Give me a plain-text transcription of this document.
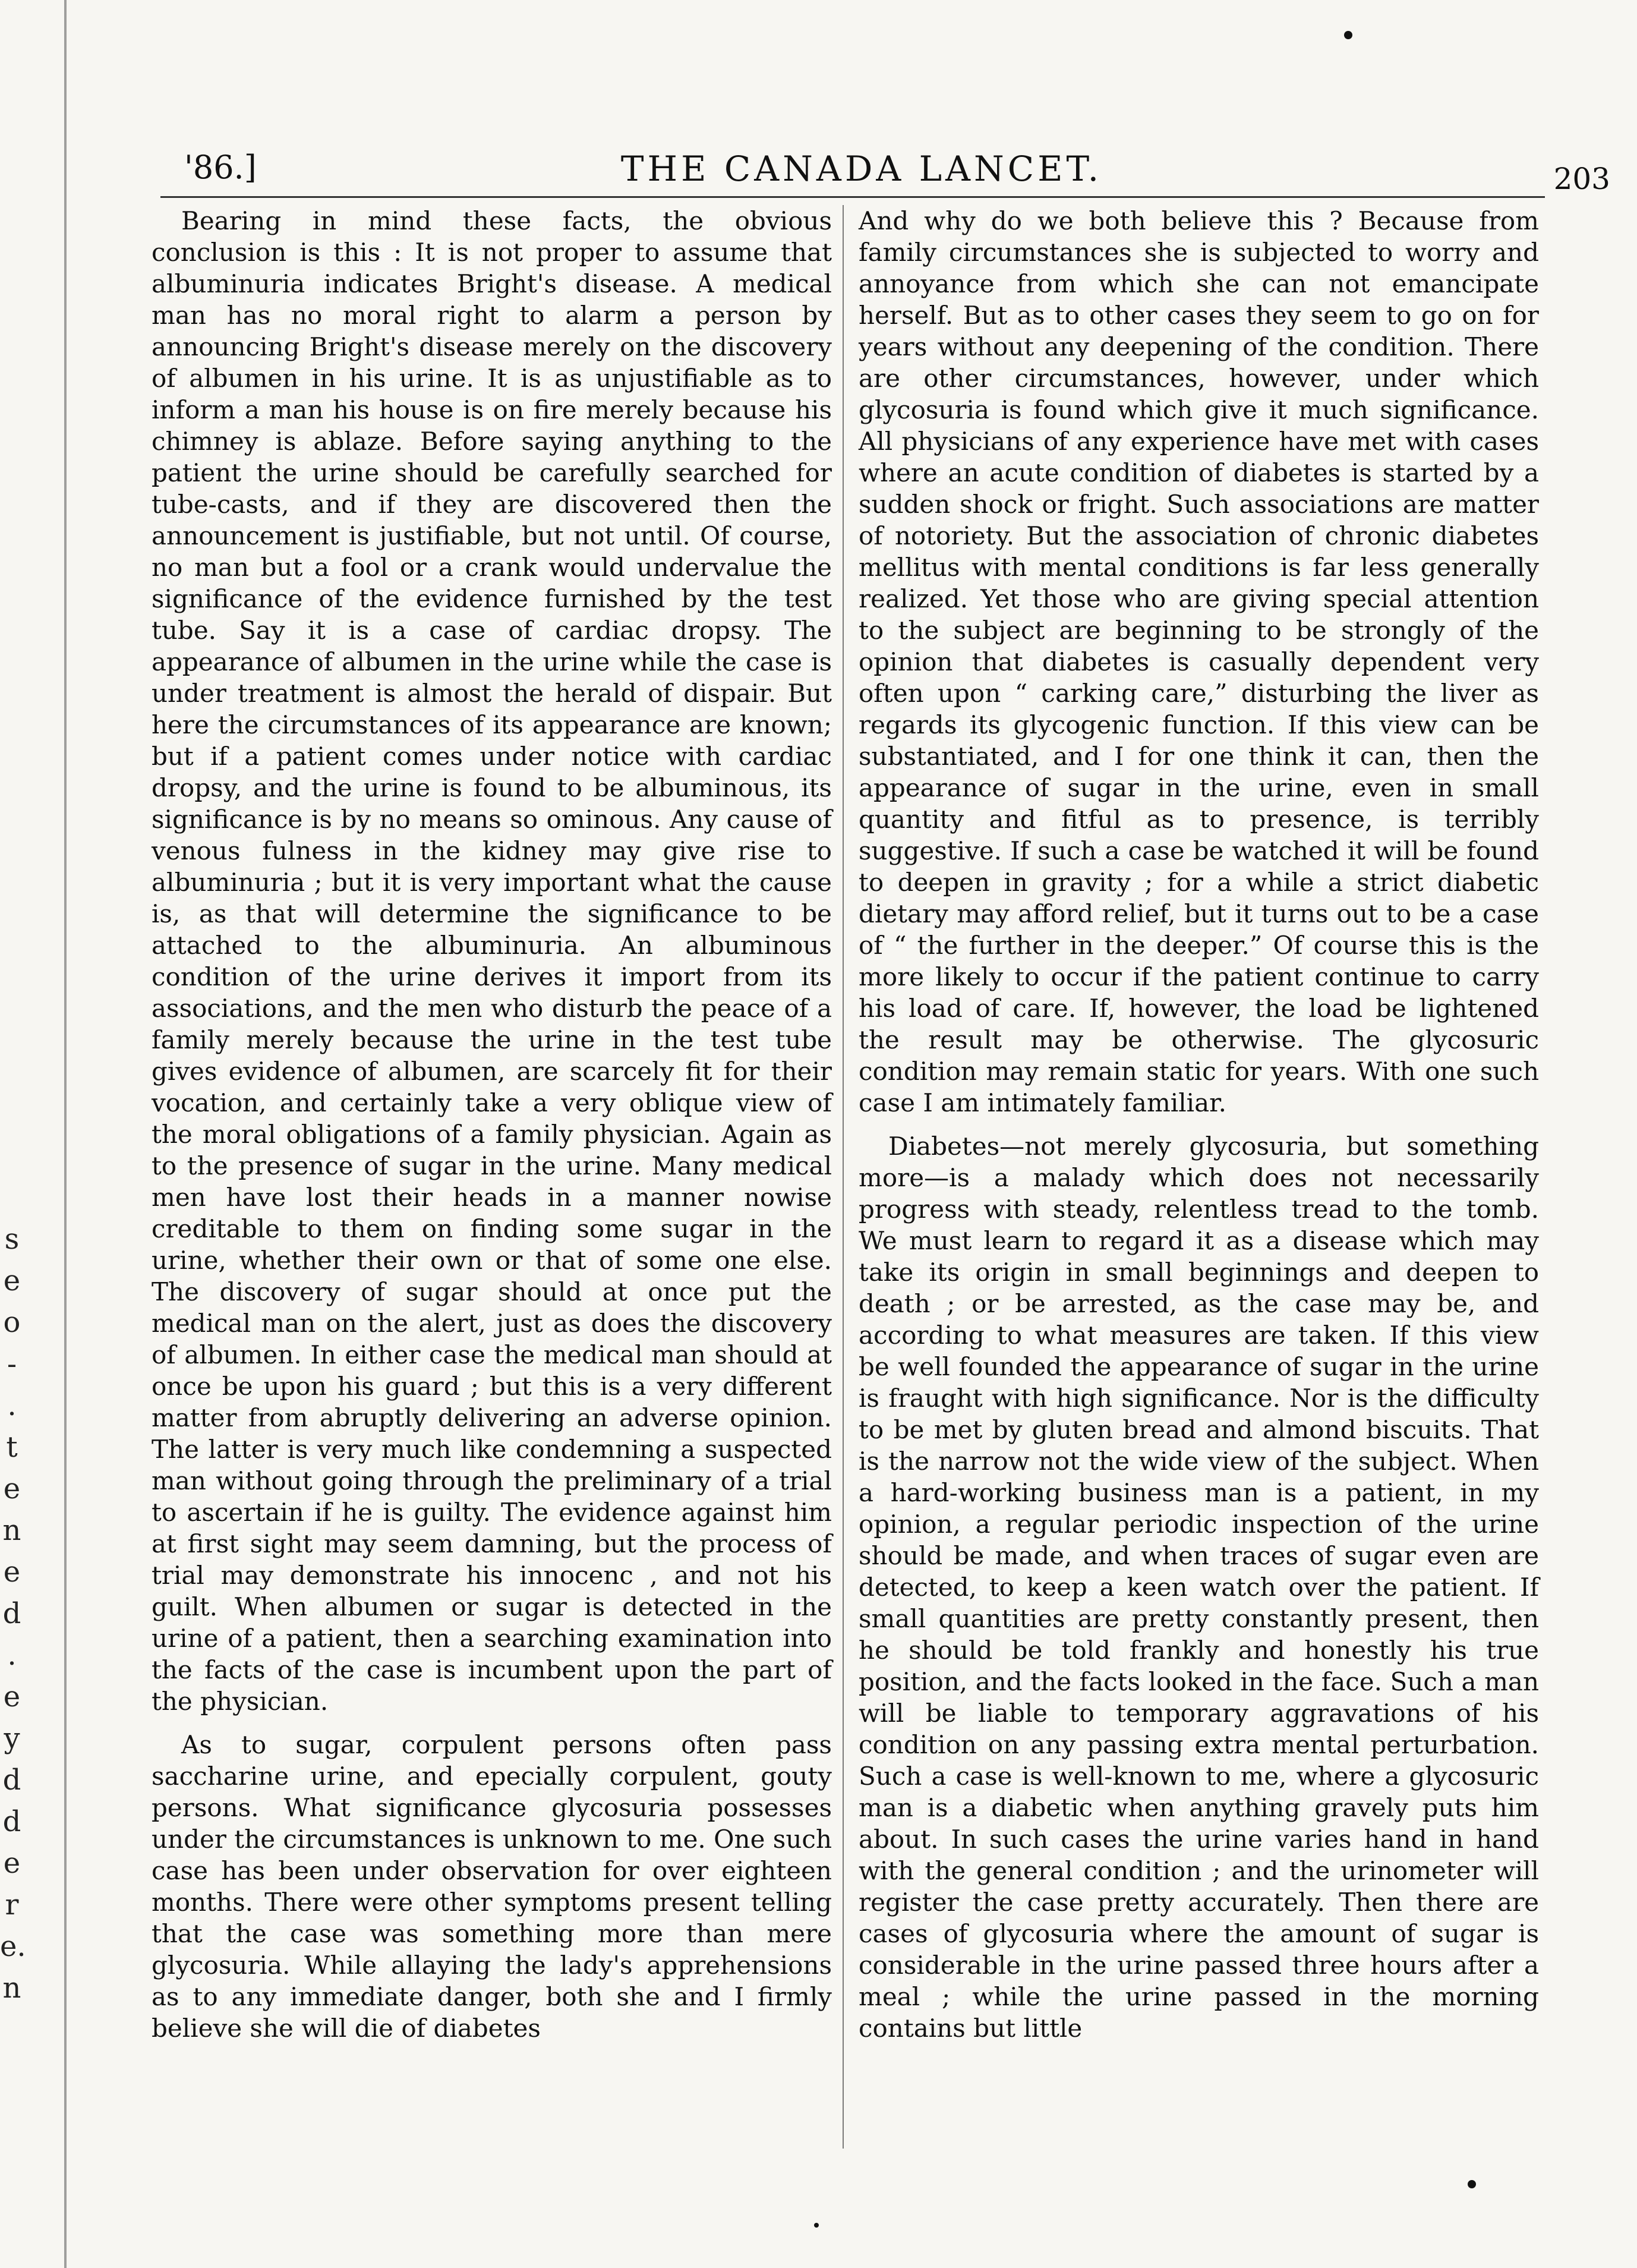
s
e
o
-
.
t
e
n
e
d
.
e
y
d
d
e
r
e.
n
'86.]	THE CANADA LANCET.	203

Bearing in mind these facts, the obvious conclusion is this : It is not proper to assume that albuminuria indicates Bright's disease. A medical man has no moral right to alarm a person by announcing Bright's disease merely on the discovery of albumen in his urine. It is as unjustifiable as to inform a man his house is on fire merely because his chimney is ablaze. Before saying anything to the patient the urine should be carefully searched for tube-casts, and if they are discovered then the announcement is justifiable, but not until. Of course, no man but a fool or a crank would undervalue the significance of the evidence furnished by the test tube. Say it is a case of cardiac dropsy. The appearance of albumen in the urine while the case is under treatment is almost the herald of dispair. But here the circumstances of its appearance are known; but if a patient comes under notice with cardiac dropsy, and the urine is found to be albuminous, its significance is by no means so ominous. Any cause of venous fulness in the kidney may give rise to albuminuria ; but it is very important what the cause is, as that will determine the significance to be attached to the albuminuria. An albuminous condition of the urine derives it import from its associations, and the men who disturb the peace of a family merely because the urine in the test tube gives evidence of albumen, are scarcely fit for their vocation, and certainly take a very oblique view of the moral obligations of a family physician. Again as to the presence of sugar in the urine. Many medical men have lost their heads in a manner nowise creditable to them on finding some sugar in the urine, whether their own or that of some one else. The discovery of sugar should at once put the medical man on the alert, just as does the discovery of albumen. In either case the medical man should at once be upon his guard ; but this is a very different matter from abruptly delivering an adverse opinion. The latter is very much like condemning a suspected man without going through the preliminary of a trial to ascertain if he is guilty. The evidence against him at first sight may seem damning, but the process of trial may demonstrate his innocenc , and not his guilt. When albumen or sugar is detected in the urine of a patient, then a searching examination into the facts of the case is incumbent upon the part of the physician.

As to sugar, corpulent persons often pass saccharine urine, and epecially corpulent, gouty persons. What significance glycosuria possesses under the circumstances is unknown to me. One such case has been under observation for over eighteen months. There were other symptoms present telling that the case was something more than mere glycosuria. While allaying the lady's apprehensions as to any immediate danger, both she and I firmly believe she will die of diabetes

And why do we both believe this ? Because from family circumstances she is subjected to worry and annoyance from which she can not emancipate herself. But as to other cases they seem to go on for years without any deepening of the condition. There are other circumstances, however, under which glycosuria is found which give it much significance. All physicians of any experience have met with cases where an acute condition of diabetes is started by a sudden shock or fright. Such associations are matter of notoriety. But the association of chronic diabetes mellitus with mental conditions is far less generally realized. Yet those who are giving special attention to the subject are beginning to be strongly of the opinion that diabetes is casually dependent very often upon “ carking care,” disturbing the liver as regards its glycogenic function. If this view can be substantiated, and I for one think it can, then the appearance of sugar in the urine, even in small quantity and fitful as to presence, is terribly suggestive. If such a case be watched it will be found to deepen in gravity ; for a while a strict diabetic dietary may afford relief, but it turns out to be a case of “ the further in the deeper.” Of course this is the more likely to occur if the patient continue to carry his load of care. If, however, the load be lightened the result may be otherwise. The glycosuric condition may remain static for years. With one such case I am intimately familiar.

Diabetes—not merely glycosuria, but something more—is a malady which does not necessarily progress with steady, relentless tread to the tomb. We must learn to regard it as a disease which may take its origin in small beginnings and deepen to death ; or be arrested, as the case may be, and according to what measures are taken. If this view be well founded the appearance of sugar in the urine is fraught with high significance. Nor is the difficulty to be met by gluten bread and almond biscuits. That is the narrow not the wide view of the subject. When a hard-working business man is a patient, in my opinion, a regular periodic inspection of the urine should be made, and when traces of sugar even are detected, to keep a keen watch over the patient. If small quantities are pretty constantly present, then he should be told frankly and honestly his true position, and the facts looked in the face. Such a man will be liable to temporary aggravations of his condition on any passing extra mental perturbation. Such a case is well-known to me, where a glycosuric man is a diabetic when anything gravely puts him about. In such cases the urine varies hand in hand with the general condition ; and the urinometer will register the case pretty accurately. Then there are cases of glycosuria where the amount of sugar is considerable in the urine passed three hours after a meal ; while the urine passed in the morning contains but little
